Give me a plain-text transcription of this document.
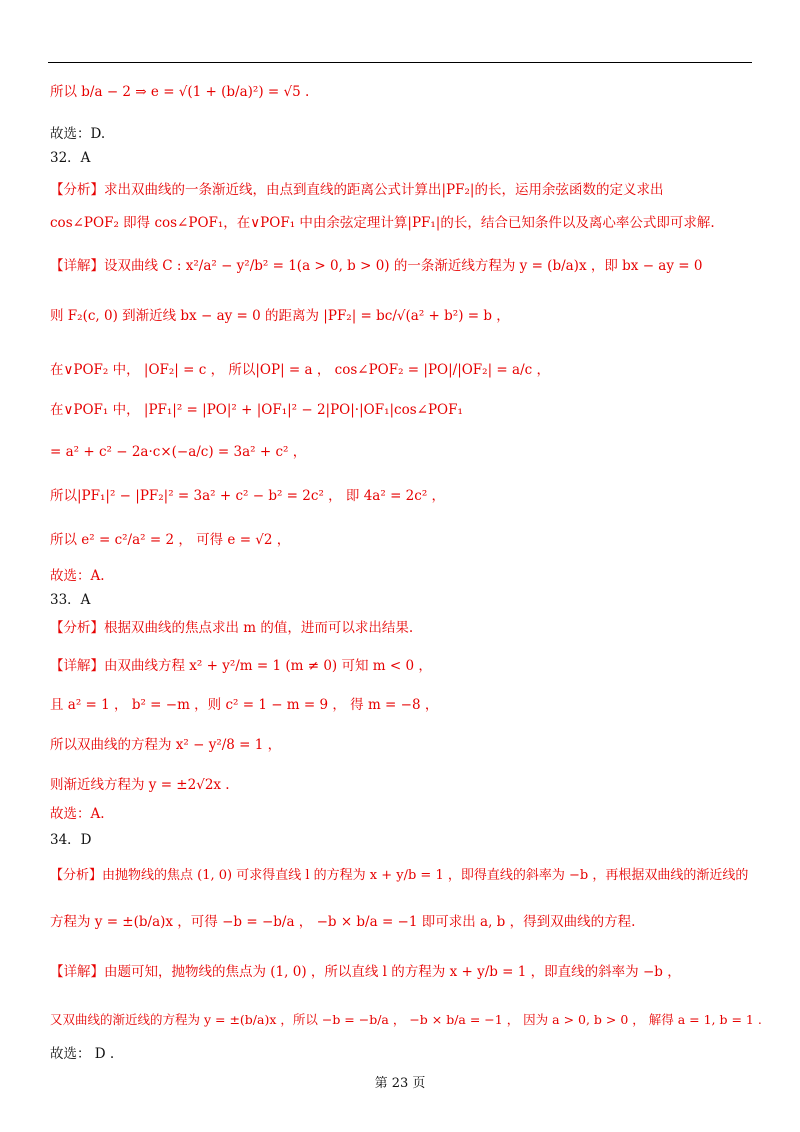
所以 b/a − 2 ⇒ e = √(1 + (b/a)²) = √5 .
故选：D.
32．A
【分析】求出双曲线的一条渐近线，由点到直线的距离公式计算出|PF₂|的长，运用余弦函数的定义求出
cos∠POF₂ 即得 cos∠POF₁，在∨POF₁ 中由余弦定理计算|PF₁|的长，结合已知条件以及离心率公式即可求解.
【详解】设双曲线 C : x²/a² − y²/b² = 1(a > 0, b > 0) 的一条渐近线方程为 y = (b/a)x ，即 bx − ay = 0
则 F₂(c, 0) 到渐近线 bx − ay = 0 的距离为 |PF₂| = bc/√(a² + b²) = b ，
在∨POF₂ 中， |OF₂| = c ， 所以|OP| = a ， cos∠POF₂ = |PO|/|OF₂| = a/c ，
在∨POF₁ 中， |PF₁|² = |PO|² + |OF₁|² − 2|PO|·|OF₁|cos∠POF₁
= a² + c² − 2a·c×(−a/c) = 3a² + c² ，
所以|PF₁|² − |PF₂|² = 3a² + c² − b² = 2c² ， 即 4a² = 2c² ，
所以 e² = c²/a² = 2 ， 可得 e = √2 ，
故选：A.
33．A
【分析】根据双曲线的焦点求出 m 的值，进而可以求出结果.
【详解】由双曲线方程 x² + y²/m = 1 (m ≠ 0) 可知 m < 0 ，
且 a² = 1 ， b² = −m ，则 c² = 1 − m = 9 ， 得 m = −8 ，
所以双曲线的方程为 x² − y²/8 = 1 ，
则渐近线方程为 y = ±2√2x .
故选：A.
34．D
【分析】由抛物线的焦点 (1, 0) 可求得直线 l 的方程为 x + y/b = 1 ，即得直线的斜率为 −b ，再根据双曲线的渐近线的
方程为 y = ±(b/a)x ，可得 −b = −b/a ， −b × b/a = −1 即可求出 a, b ，得到双曲线的方程.
【详解】由题可知，抛物线的焦点为 (1, 0) ，所以直线 l 的方程为 x + y/b = 1 ，即直线的斜率为 −b ，
又双曲线的渐近线的方程为 y = ±(b/a)x ，所以 −b = −b/a ， −b × b/a = −1 ， 因为 a > 0, b > 0 ， 解得 a = 1, b = 1 .
故选： D .
第 23 页
